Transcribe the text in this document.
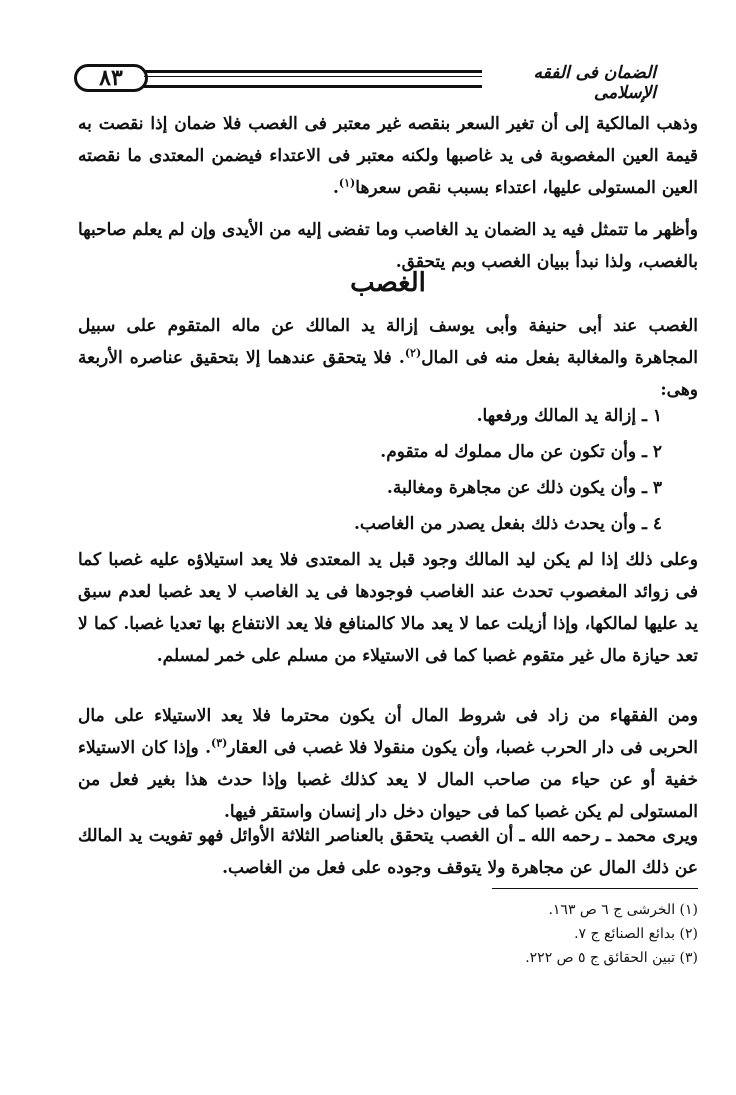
٨٣	الضمان فى الفقه الإسلامى
وذهب المالكية إلى أن تغير السعر بنقصه غير معتبر فى الغصب فلا ضمان إذا نقصت به قيمة العين المغصوبة فى يد غاصبها ولكنه معتبر فى الاعتداء فيضمن المعتدى ما نقصته العين المستولى عليها، اعتداء بسبب نقص سعرها$^{(١)}$.
وأظهر ما تتمثل فيه يد الضمان يد الغاصب وما تفضى إليه من الأيدى وإن لم يعلم صاحبها بالغصب، ولذا نبدأ ببيان الغصب وبم يتحقق.
الغصب
الغصب عند أبى حنيفة وأبى يوسف إزالة يد المالك عن ماله المتقوم على سبيل المجاهرة والمغالبة بفعل منه فى المال$^{(٢)}$. فلا يتحقق عندهما إلا بتحقيق عناصره الأربعة وهى:
١ ـ إزالة يد المالك ورفعها.
٢ ـ وأن تكون عن مال مملوك له متقوم.
٣ ـ وأن يكون ذلك عن مجاهرة ومغالبة.
٤ ـ وأن يحدث ذلك بفعل يصدر من الغاصب.
وعلى ذلك إذا لم يكن ليد المالك وجود قبل يد المعتدى فلا يعد استيلاؤه عليه غصبا كما فى زوائد المغصوب تحدث عند الغاصب فوجودها فى يد الغاصب لا يعد غصبا لعدم سبق يد عليها لمالكها، وإذا أزيلت عما لا يعد مالا كالمنافع فلا يعد الانتفاع بها تعديا غصبا. كما لا تعد حيازة مال غير متقوم غصبا كما فى الاستيلاء من مسلم على خمر لمسلم.
ومن الفقهاء من زاد فى شروط المال أن يكون محترما فلا يعد الاستيلاء على مال الحربى فى دار الحرب غصبا، وأن يكون منقولا فلا غصب فى العقار$^{(٣)}$. وإذا كان الاستيلاء خفية أو عن حياء من صاحب المال لا يعد كذلك غصبا وإذا حدث هذا بغير فعل من المستولى لم يكن غصبا كما فى حيوان دخل دار إنسان واستقر فيها.
ويرى محمد ـ رحمه الله ـ أن الغصب يتحقق بالعناصر الثلاثة الأوائل فهو تفويت يد المالك عن ذلك المال عن مجاهرة ولا يتوقف وجوده على فعل من الغاصب.
(١) الخرشى ج ٦ ص ١٦٣.
(٢) بدائع الصنائع ج ٧.
(٣) تبين الحقائق ج ٥ ص ٢٢٢.
